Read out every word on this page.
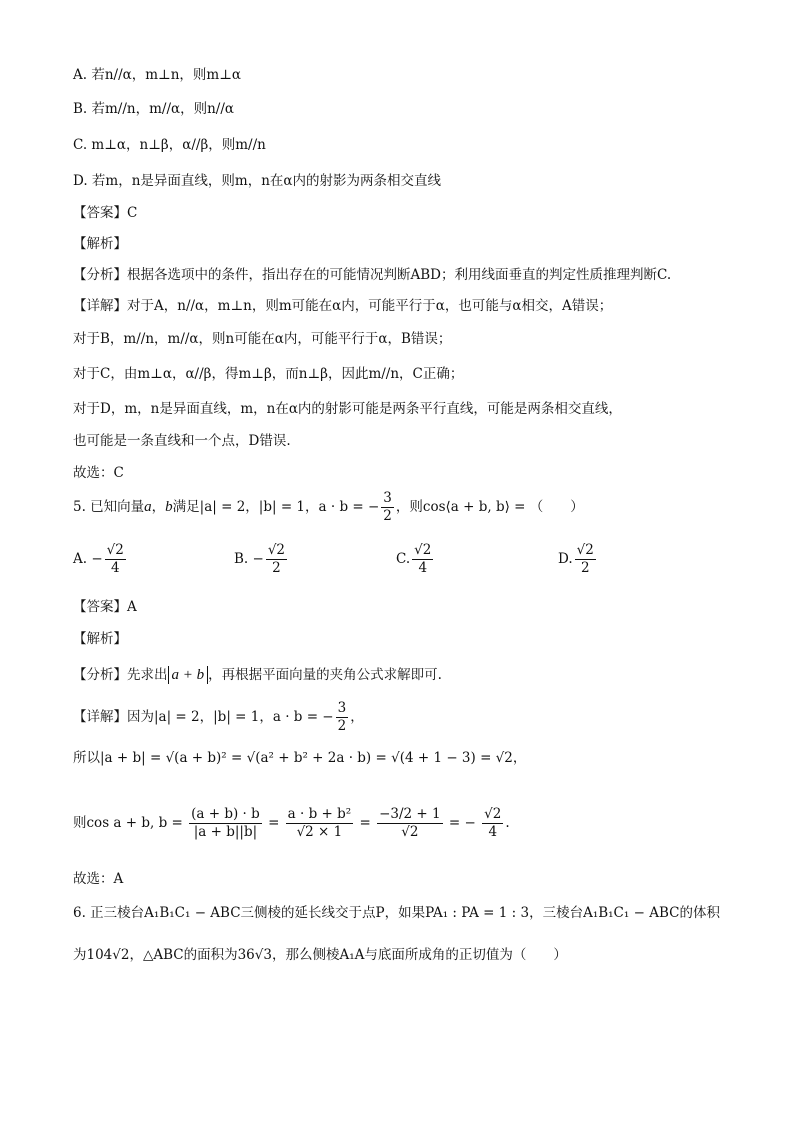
A. 若n//α，m⊥n，则m⊥α
B. 若m//n，m//α，则n//α
C. m⊥α，n⊥β，α//β，则m//n
D. 若m，n是异面直线，则m，n在α内的射影为两条相交直线
【答案】C
【解析】
【分析】根据各选项中的条件，指出存在的可能情况判断ABD；利用线面垂直的判定性质推理判断C.
【详解】对于A，n//α，m⊥n，则m可能在α内，可能平行于α，也可能与α相交，A错误；
对于B，m//n，m//α，则n可能在α内，可能平行于α，B错误；
对于C，由m⊥α，α//β，得m⊥β，而n⊥β，因此m//n，C正确；
对于D，m，n是异面直线，m，n在α内的射影可能是两条平行直线，可能是两条相交直线，
也可能是一条直线和一个点，D错误.
故选：C
5. 已知向量a，b满足|a| = 2，|b| = 1，a · b = − $\frac{3}{2}$ ，则cos⟨a + b, b⟩ = （　　）
A. − $\frac{√2}{4}$	B. − $\frac{√2}{2}$	C. $\frac{√2}{4}$	D. $\frac{√2}{2}$
【答案】A
【解析】
【分析】先求出 a + b ，再根据平面向量的夹角公式求解即可.
【详解】因为|a| = 2，|b| = 1，a · b = − $\frac{3}{2}$ ，
所以|a + b| = √(a + b)² = √(a² + b² + 2a · b) = √(4 + 1 − 3) = √2，
则cos a + b, $b = \frac{(a + b) \cdot b}{|a + b||b|} = \frac{\text{a · b + b²}}{√2 \times 1} = \frac{-3/2 + 1}{√2}$ = − $\frac{√2}{4}$ .
故选：A
6. 正三棱台A₁B₁C₁ − ABC三侧棱的延长线交于点P，如果PA₁ : PA = 1 : 3，三棱台A₁B₁C₁ − ABC的体积
为104√2，△ABC的面积为36√3，那么侧棱A₁A与底面所成角的正切值为（　　）
